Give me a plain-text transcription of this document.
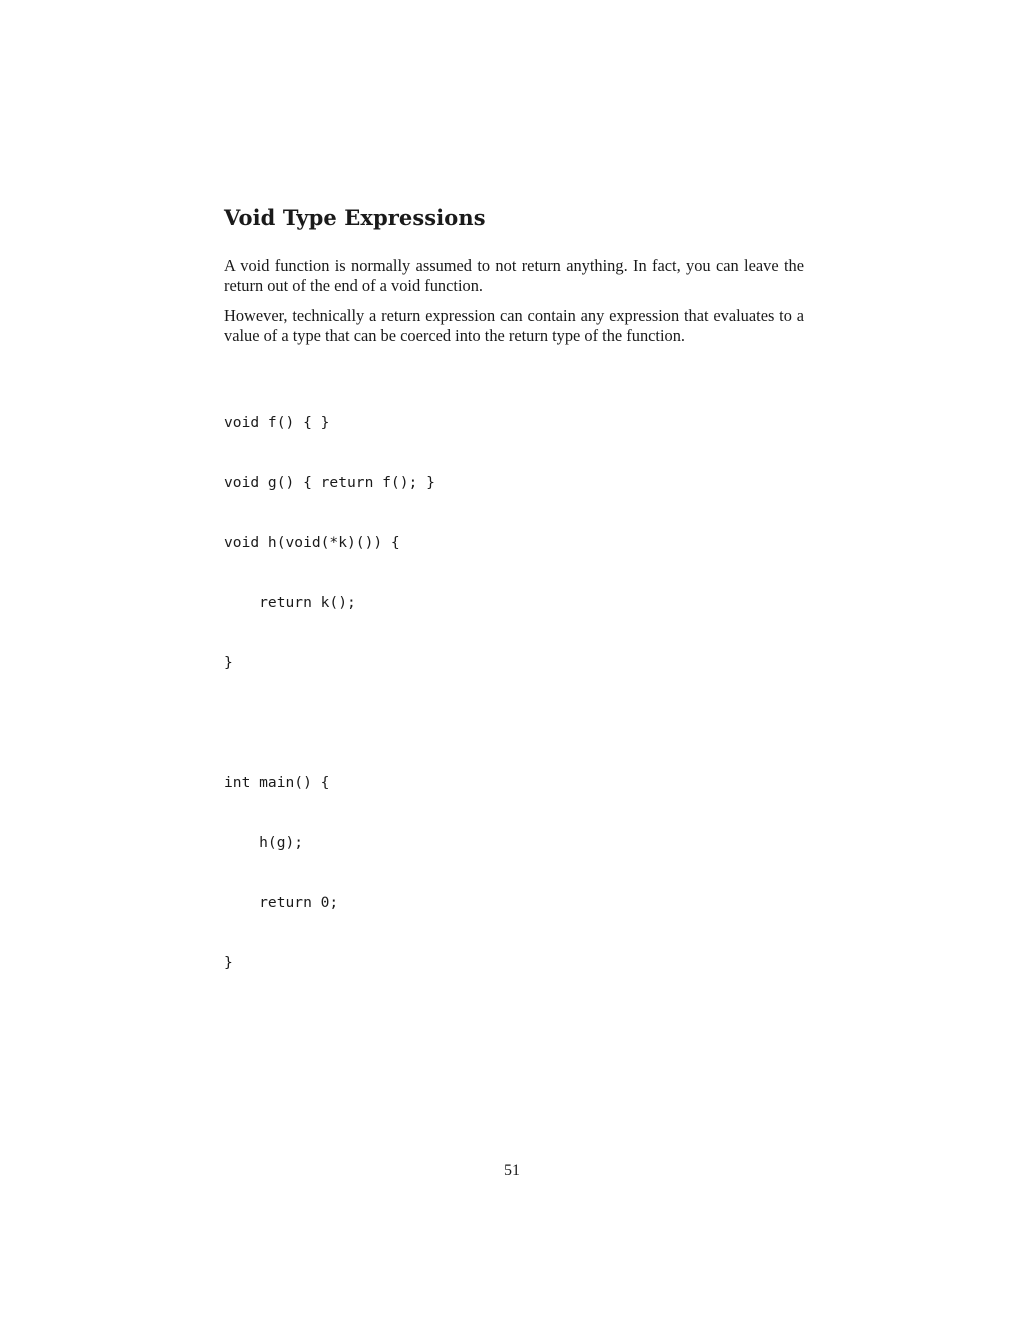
Void Type Expressions

A void function is normally assumed to not return anything. In fact, you can leave the return out of the end of a void function.

However, technically a return expression can contain any expression that evaluates to a value of a type that can be coerced into the return type of the function.

void f() { }

void g() { return f(); }

void h(void(*k)()) {

return k();

}

int main() {

h(g);

return 0;

}

51
